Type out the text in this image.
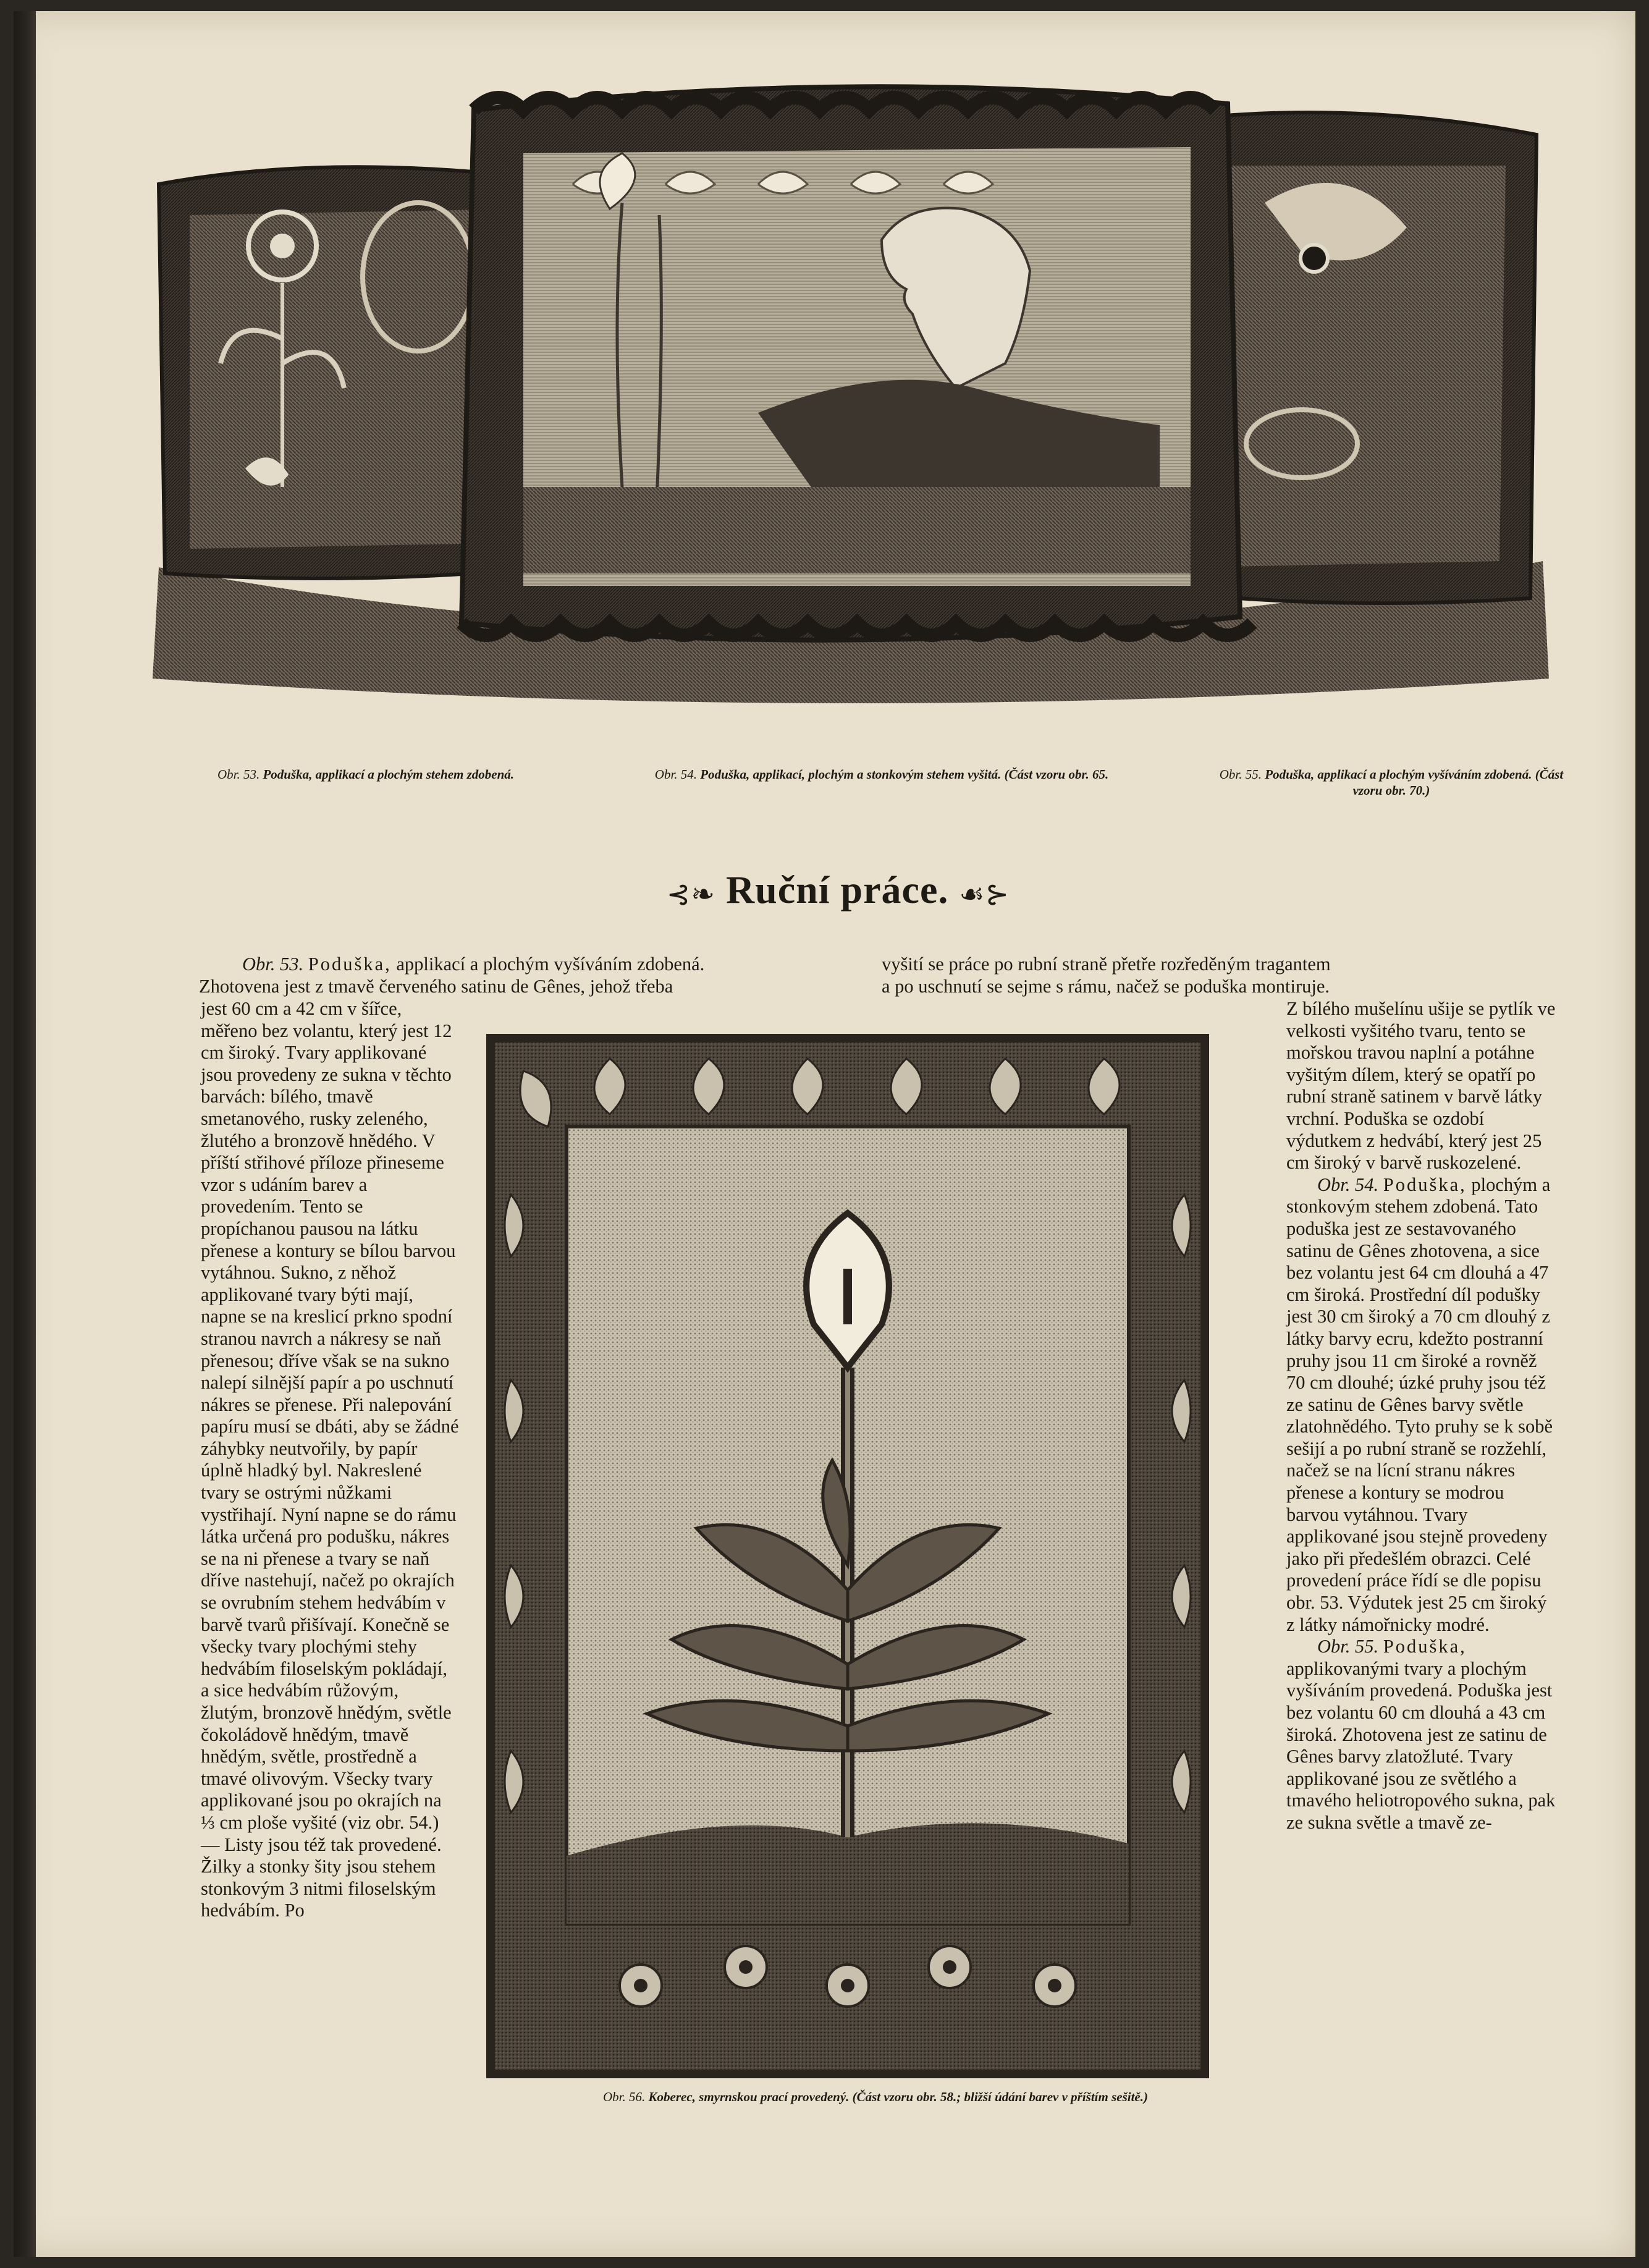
Obr. 53. Poduška, applikací a plochým stehem zdobená.	Obr. 54. Poduška, applikací, plochým a stonkovým stehem vyšitá. (Část vzoru obr. 65.	Obr. 55. Poduška, applikací a plochým vyšíváním zdobená. (Část vzoru obr. 70.)
⊰❧ Ruční práce. ☙⊱

Obr. 53. Poduška, applikací a plochým vyšíváním zdobená.

Zhotovena jest z tmavě červeného satinu de Gênes, jehož třeba

vyšití se práce po rubní straně přetře rozředěným tragantem

a po uschnutí se sejme s rámu, načež se poduška montiruje.

jest 60 cm a 42 cm v šířce, měřeno bez volantu, který jest 12 cm široký. Tvary applikované jsou provedeny ze sukna v těchto barvách: bílého, tmavě smetanového, rusky zeleného, žlutého a bronzově hnědého. V příští střihové příloze přineseme vzor s udáním barev a provedením. Tento se propíchanou pausou na látku přenese a kontury se bílou barvou vytáhnou. Sukno, z něhož applikované tvary býti mají, napne se na kreslicí prkno spodní stranou navrch a nákresy se naň přenesou; dříve však se na sukno nalepí silnější papír a po uschnutí nákres se přenese. Při nalepování papíru musí se dbáti, aby se žádné záhybky neutvořily, by papír úplně hladký byl. Nakreslené tvary se ostrými nůžkami vystřihají. Nyní napne se do rámu látka určená pro podušku, nákres se na ni přenese a tvary se naň dříve nastehují, načež po okrajích se ovrubním stehem hedvábím v barvě tvarů přišívají. Konečně se všecky tvary plochými stehy hedvábím filoselským pokládají, a sice hedvábím růžovým, žlutým, bronzově hnědým, světle čokoládově hnědým, tmavě hnědým, světle, prostředně a tmavé olivovým. Všecky tvary applikované jsou po okrajích na ⅓ cm ploše vyšité (viz obr. 54.) — Listy jsou též tak provedené. Žilky a stonky šity jsou stehem stonkovým 3 nitmi filoselským hedvábím. Po

Obr. 56. Koberec, smyrnskou prací provedený. (Část vzoru obr. 58.; bližší údání barev v příštím sešitě.)

Z bílého mušelínu ušije se pytlík ve velkosti vyšitého tvaru, tento se mořskou travou naplní a potáhne vyšitým dílem, který se opatří po rubní straně satinem v barvě látky vrchní. Poduška se ozdobí výdutkem z hedvábí, který jest 25 cm široký v barvě ruskozelené.

Obr. 54. Poduška, plochým a stonkovým stehem zdobená. Tato poduška jest ze sestavovaného satinu de Gênes zhotovena, a sice bez volantu jest 64 cm dlouhá a 47 cm široká. Prostřední díl podušky jest 30 cm široký a 70 cm dlouhý z látky barvy ecru, kdežto postranní pruhy jsou 11 cm široké a rovněž 70 cm dlouhé; úzké pruhy jsou též ze satinu de Gênes barvy světle zlatohnědého. Tyto pruhy se k sobě sešijí a po rubní straně se rozžehlí, načež se na lícní stranu nákres přenese a kontury se modrou barvou vytáhnou. Tvary applikované jsou stejně provedeny jako při předešlém obrazci. Celé provedení práce řídí se dle popisu obr. 53. Výdutek jest 25 cm široký z látky námořnicky modré.

Obr. 55. Poduška, applikovanými tvary a plochým vyšíváním provedená. Poduška jest bez volantu 60 cm dlouhá a 43 cm široká. Zhotovena jest ze satinu de Gênes barvy zlatožluté. Tvary applikované jsou ze světlého a tmavého heliotropového sukna, pak ze sukna světle a tmavě ze-
